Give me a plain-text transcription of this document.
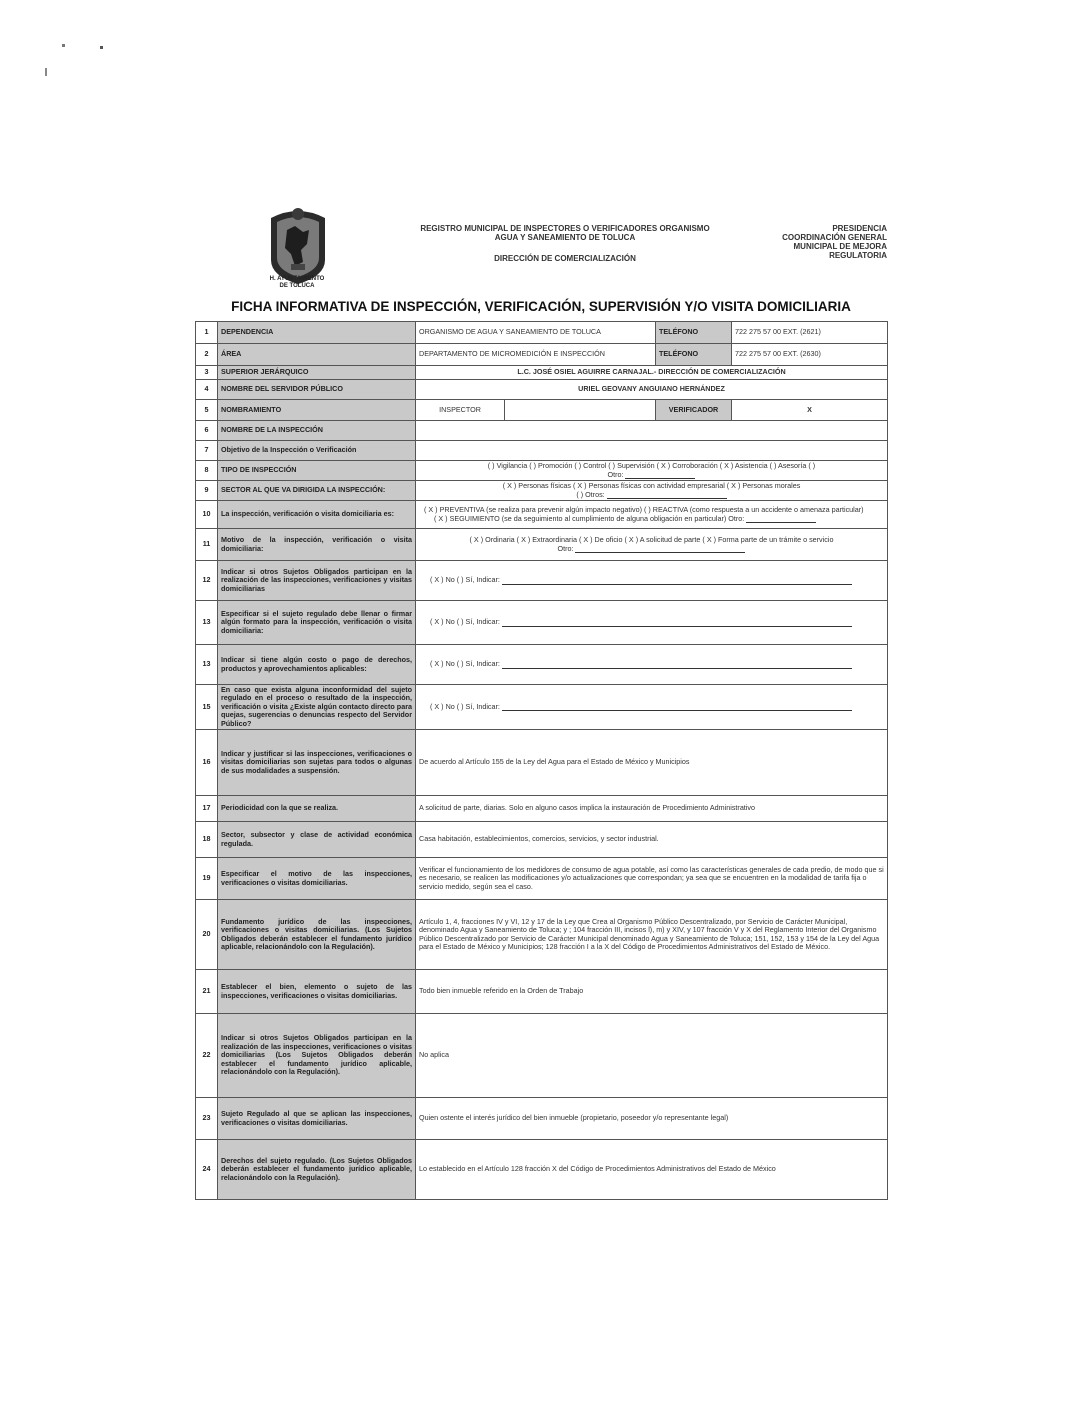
H. AYUNTAMIENTO
DE TOLUCA
REGISTRO MUNICIPAL DE INSPECTORES O VERIFICADORES ORGANISMO
AGUA Y SANEAMIENTO DE TOLUCA
DIRECCIÓN DE COMERCIALIZACIÓN
PRESIDENCIA
COORDINACIÓN GENERAL
MUNICIPAL DE MEJORA
REGULATORIA
FICHA INFORMATIVA DE INSPECCIÓN, VERIFICACIÓN, SUPERVISIÓN Y/O VISITA DOMICILIARIA
1	DEPENDENCIA	ORGANISMO DE AGUA Y SANEAMIENTO DE TOLUCA	TELÉFONO	722 275 57 00 EXT. (2621)
2	ÁREA	DEPARTAMENTO DE MICROMEDICIÓN E INSPECCIÓN	TELÉFONO	722 275 57 00 EXT. (2630)
3	SUPERIOR JERÁRQUICO	L.C. JOSÉ OSIEL AGUIRRE CARNAJAL.- DIRECCIÓN DE COMERCIALIZACIÓN		
4	NOMBRE DEL SERVIDOR PÚBLICO	URIEL GEOVANY ANGUIANO HERNÁNDEZ		
5	NOMBRAMIENTO	INSPECTOR	VERIFICADOR	X
6	NOMBRE DE LA INSPECCIÓN			
7	Objetivo de la Inspección o Verificación			
8	TIPO DE INSPECCIÓN	( ) Vigilancia ( ) Promoción ( ) Control ( ) Supervisión ( X ) Corroboración ( X ) Asistencia ( ) Asesoría ( )
Otro:		

9	SECTOR AL QUE VA DIRIGIDA LA INSPECCIÓN:	( X ) Personas físicas ( X ) Personas físicas con actividad empresarial ( X ) Personas morales
( ) Otros:		

10	La inspección, verificación o visita domiciliaria es:	( X ) PREVENTIVA (se realiza para prevenir algún impacto negativo) ( ) REACTIVA (como respuesta a un accidente o amenaza particular)
( X ) SEGUIMIENTO (se da seguimiento al cumplimiento de alguna obligación en particular) Otro:		

11	Motivo de la inspección, verificación o visita domiciliaria:	( X ) Ordinaria ( X ) Extraordinaria ( X ) De oficio ( X ) A solicitud de parte ( X ) Forma parte de un trámite o servicio
Otro:		

12	Indicar si otros Sujetos Obligados participan en la realización de las inspecciones, verificaciones y visitas domiciliarias	( X ) No ( ) Sí, Indicar:		
13	Especificar si el sujeto regulado debe llenar o firmar algún formato para la inspección, verificación o visita domiciliaria:	( X ) No ( ) Sí, Indicar:		
13	Indicar si tiene algún costo o pago de derechos, productos y aprovechamientos aplicables:	( X ) No ( ) Sí, Indicar:		
15	En caso que exista alguna inconformidad del sujeto regulado en el proceso o resultado de la inspección, verificación o visita ¿Existe algún contacto directo para quejas, sugerencias o denuncias respecto del Servidor Público?	( X ) No ( ) Sí, Indicar:		
16	Indicar y justificar si las inspecciones, verificaciones o visitas domiciliarias son sujetas para todos o algunas de sus modalidades a suspensión.	De acuerdo al Artículo 155 de la Ley del Agua para el Estado de México y Municipios		
17	Periodicidad con la que se realiza.	A solicitud de parte, diarias. Solo en alguno casos implica la instauración de Procedimiento Administrativo		
18	Sector, subsector y clase de actividad económica regulada.	Casa habitación, establecimientos, comercios, servicios, y sector industrial.		
19	Especificar el motivo de las inspecciones, verificaciones o visitas domiciliarias.	Verificar el funcionamiento de los medidores de consumo de agua potable, así como las características generales de cada predio, de modo que si es necesario, se realicen las modificaciones y/o actualizaciones que correspondan; ya sea que se encuentren en la modalidad de tarifa fija o servicio medido, según sea el caso.		
20	Fundamento jurídico de las inspecciones, verificaciones o visitas domiciliarias. (Los Sujetos Obligados deberán establecer el fundamento jurídico aplicable, relacionándolo con la Regulación).	Artículo 1, 4, fracciones IV y VI, 12 y 17 de la Ley que Crea al Organismo Público Descentralizado, por Servicio de Carácter Municipal, denominado Agua y Saneamiento de Toluca; y ; 104 fracción III, incisos l), m) y XIV, y 107 fracción V y X del Reglamento Interior del Organismo Público Descentralizado por Servicio de Carácter Municipal denominado Agua y Saneamiento de Toluca; 151, 152, 153 y 154 de la Ley del Agua para el Estado de México y Municipios; 128 fracción I a la X del Código de Procedimientos Administrativos del Estado de México.		
21	Establecer el bien, elemento o sujeto de las inspecciones, verificaciones o visitas domiciliarias.	Todo bien inmueble referido en la Orden de Trabajo		
22	Indicar si otros Sujetos Obligados participan en la realización de las inspecciones, verificaciones o visitas domiciliarias (Los Sujetos Obligados deberán establecer el fundamento jurídico aplicable, relacionándolo con la Regulación).	No aplica		
23	Sujeto Regulado al que se aplican las inspecciones, verificaciones o visitas domiciliarias.	Quien ostente el interés jurídico del bien inmueble (propietario, poseedor y/o representante legal)		
24	Derechos del sujeto regulado. (Los Sujetos Obligados deberán establecer el fundamento jurídico aplicable, relacionándolo con la Regulación).	Lo establecido en el Artículo 128 fracción X del Código de Procedimientos Administrativos del Estado de México		
